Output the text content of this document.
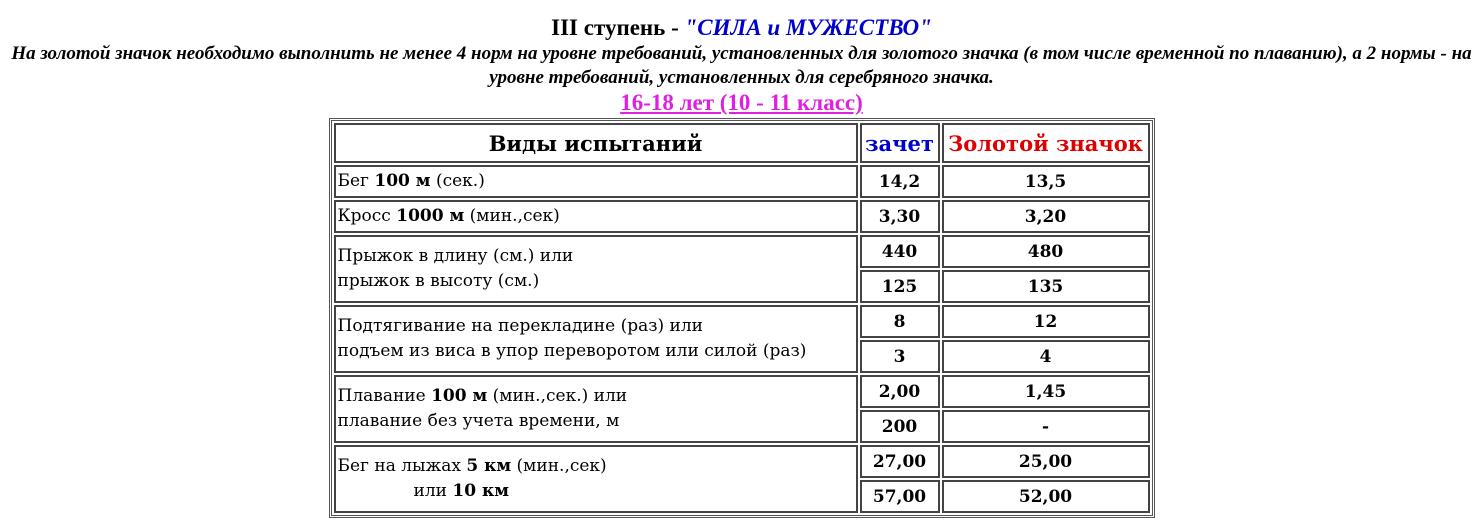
III ступень - "СИЛА и МУЖЕСТВО"
На золотой значок необходимо выполнить не менее 4 норм на уровне требований, установленных для золотого значка (в том числе временной по плаванию), а 2 нормы - на уровне требований, установленных для серебряного значка.
16-18 лет (10 - 11 класс)
Виды испытаний	зачет	Золотой значок
Бег 100 м (сек.)	14,2	13,5
Кросс 1000 м (мин.,сек)	3,30	3,20
Прыжок в длину (см.) или
прыжок в высоту (см.)	440	480
	125	135
Подтягивание на перекладине (раз) или
подъем из виса в упор переворотом или силой (раз)	8	12
	3	4
Плавание 100 м (мин.,сек.) или
плавание без учета времени, м	2,00	1,45
	200	-
Бег на лыжах 5 км (мин.,сек)
или 10 км	27,00	25,00
	57,00	52,00
